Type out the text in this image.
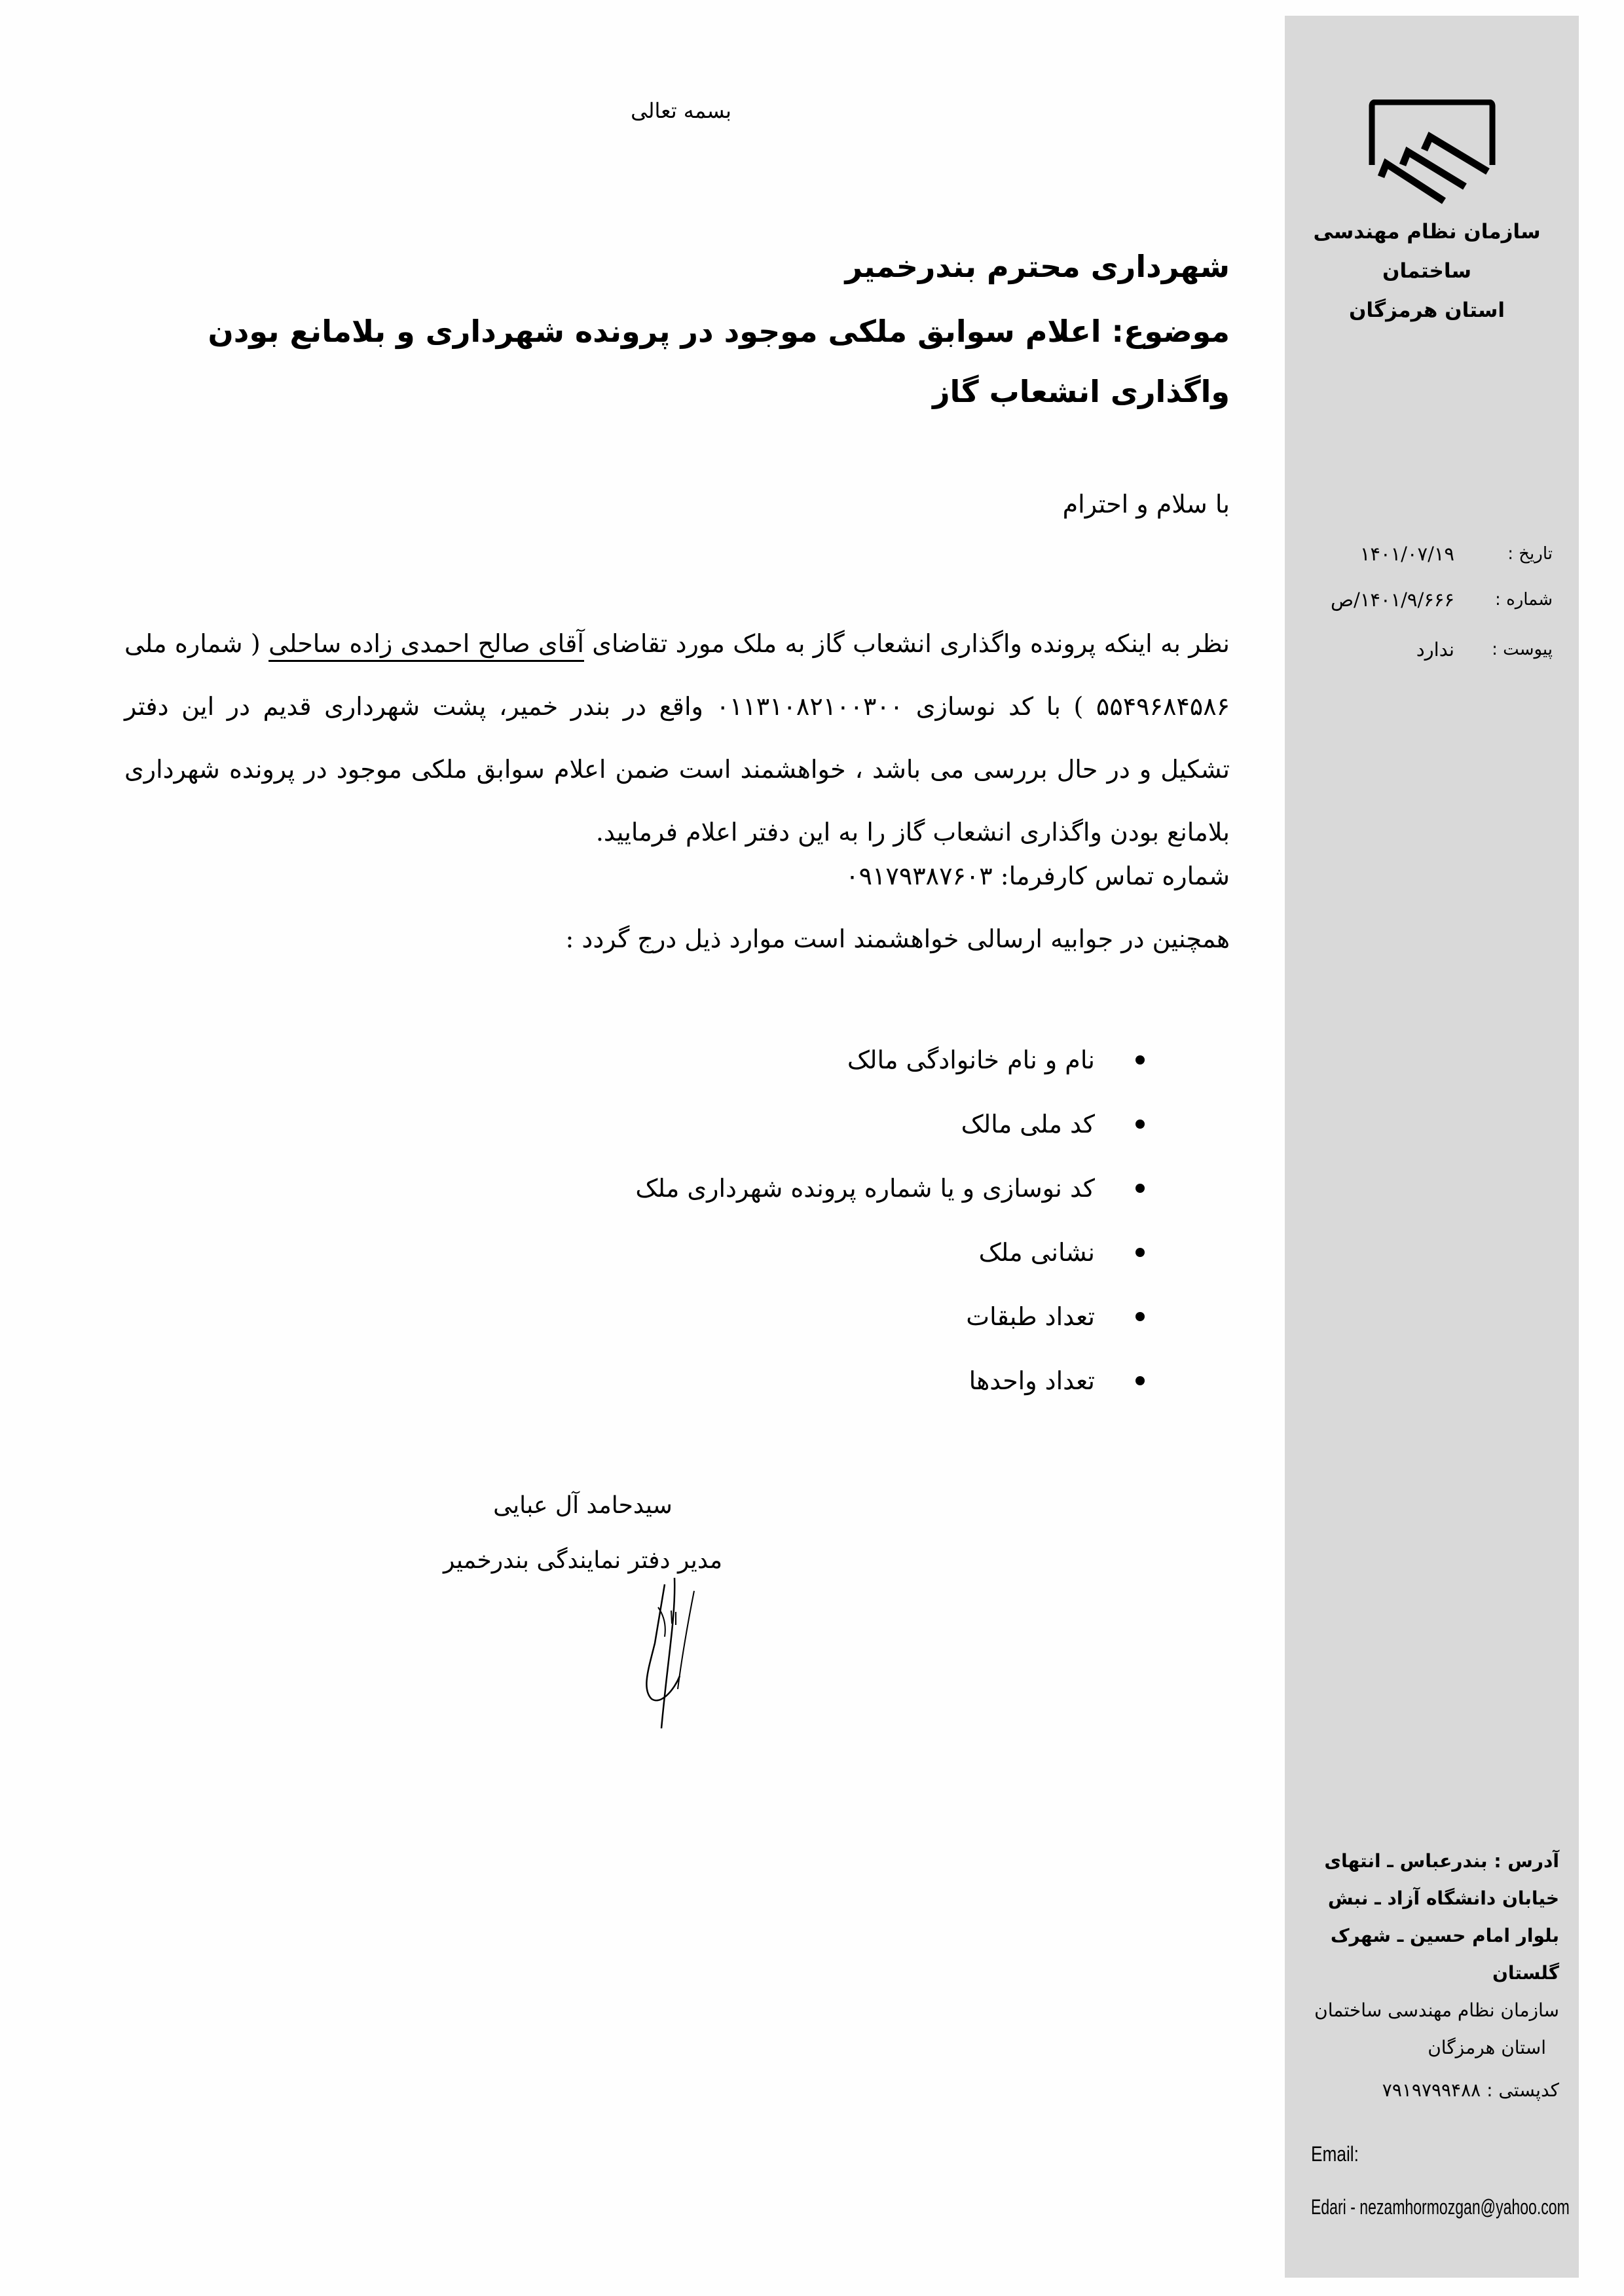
بسمه تعالی
شهرداری محترم بندرخمیر
موضوع: اعلام سوابق ملکی موجود در پرونده شهرداری و بلامانع بودن واگذاری انشعاب گاز
با سلام و احترام

نظر به اینکه پرونده واگذاری انشعاب گاز به ملک مورد تقاضای آقای صالح احمدی زاده ساحلی ( شماره ملی ۵۵۴۹۶۸۴۵۸۶ ) با کد نوسازی ۰۱۱۳۱۰۸۲۱۰۰۳۰۰ واقع در بندر خمیر، پشت شهرداری قدیم در این دفتر تشکیل و در حال بررسی می باشد ، خواهشمند است ضمن اعلام سوابق ملکی موجود در پرونده شهرداری بلامانع بودن واگذاری انشعاب گاز را به این دفتر اعلام فرمایید.

شماره تماس کارفرما: ۰۹۱۷۹۳۸۷۶۰۳
همچنین در جوابیه ارسالی خواهشمند است موارد ذیل درج گردد :
نام و نام خانوادگی مالک
کد ملی مالک
کد نوسازی و یا شماره پرونده شهرداری ملک
نشانی ملک
تعداد طبقات
تعداد واحدها
سیدحامد آل عبایی
مدیر دفتر نمایندگی بندرخمیر
سازمان نظام مهندسی ساختمان
استان هرمزگان
تاریخ :
۱۴۰۱/۰۷/۱۹
شماره :
۱۴۰۱/۹/۶۶۶/ص
پیوست :
ندارد
آدرس : بندرعباس ـ انتهای
خیابان دانشگاه آزاد ـ نبش
بلوار امام حسین ـ شهرک
گلستان
سازمان نظام مهندسی ساختمان
استان هرمزگان
کدپستی : ۷۹۱۹۷۹۹۴۸۸
Email:
Edari - nezamhormozgan@yahoo.com
